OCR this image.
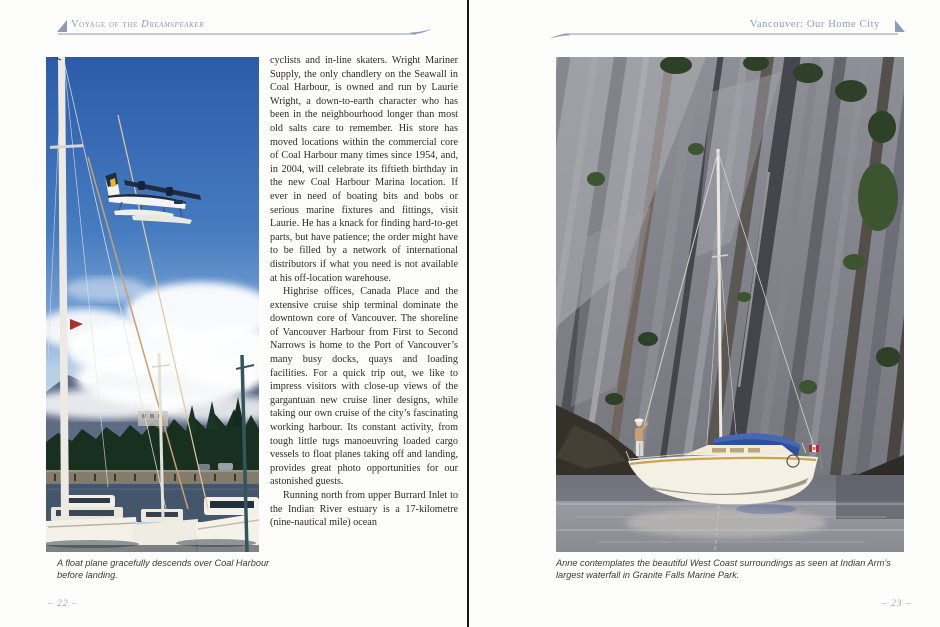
Voyage of the Dreamspeaker
A float plane gracefully descends over Coal Harbour before landing.

cyclists and in-line skaters. Wright Mariner Supply, the only chandlery on the Seawall in Coal Harbour, is owned and run by Laurie Wright, a down-to-earth character who has been in the neighbourhood longer than most old salts care to remember. His store has moved locations within the commercial core of Coal Harbour many times since 1954, and, in 2004, will celebrate its fiftieth birthday in the new Coal Harbour Marina location. If ever in need of boating bits and bobs or serious marine fixtures and fittings, visit Laurie. He has a knack for finding hard-to-get parts, but have patience; the order might have to be filled by a network of international distributors if what you need is not available at his off-location warehouse.

Highrise offices, Canada Place and the extensive cruise ship terminal dominate the downtown core of Vancouver. The shoreline of Vancouver Harbour from First to Second Narrows is home to the Port of Vancouver’s many busy docks, quays and loading facilities. For a quick trip out, we like to impress visitors with close-up views of the gargantuan new cruise liner designs, while taking our own cruise of the city’s fascinating working harbour. Its constant activity, from tough little tugs manoeuvring loaded cargo vessels to float planes taking off and landing, provides great photo opportunities for our astonished guests.

Running north from upper Burrard Inlet to the Indian River estuary is a 17-kilometre (nine-nautical mile) ocean

– 22 –
Vancouver: Our Home City
Anne contemplates the beautiful West Coast surroundings as seen at Indian Arm’s largest waterfall in Granite Falls Marine Park.
– 23 –
